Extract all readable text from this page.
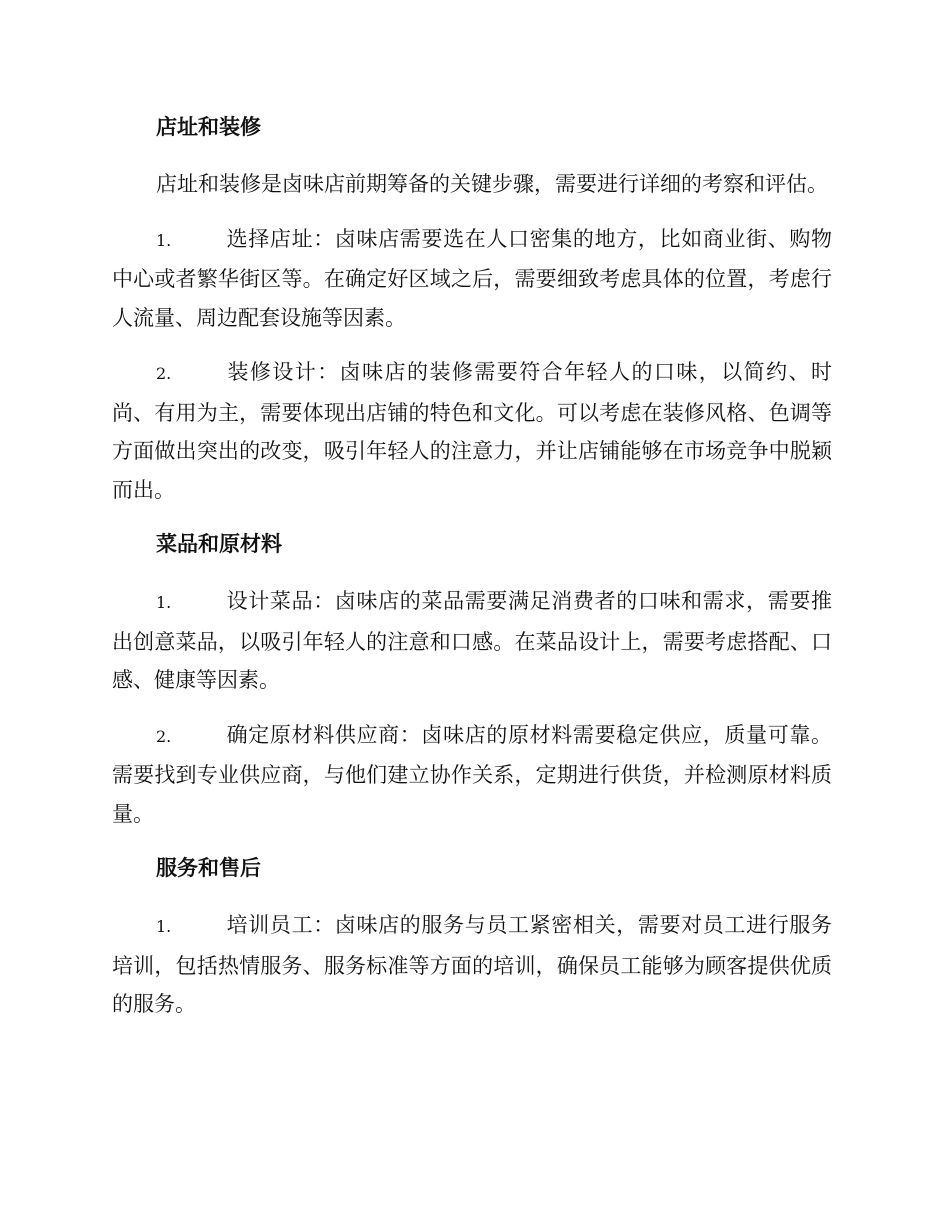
店址和装修

店址和装修是卤味店前期筹备的关键步骤，需要进行详细的考察和评估。

1.	选择店址：卤味店需要选在人口密集的地方，比如商业街、购物中心或者繁华街区等。在确定好区域之后，需要细致考虑具体的位置，考虑行人流量、周边配套设施等因素。

2.	装修设计：卤味店的装修需要符合年轻人的口味，以简约、时尚、有用为主，需要体现出店铺的特色和文化。可以考虑在装修风格、色调等方面做出突出的改变，吸引年轻人的注意力，并让店铺能够在市场竞争中脱颖而出。

菜品和原材料

1.	设计菜品：卤味店的菜品需要满足消费者的口味和需求，需要推出创意菜品，以吸引年轻人的注意和口感。在菜品设计上，需要考虑搭配、口感、健康等因素。

2.	确定原材料供应商：卤味店的原材料需要稳定供应，质量可靠。需要找到专业供应商，与他们建立协作关系，定期进行供货，并检测原材料质量。

服务和售后

1.	培训员工：卤味店的服务与员工紧密相关，需要对员工进行服务培训，包括热情服务、服务标准等方面的培训，确保员工能够为顾客提供优质的服务。
